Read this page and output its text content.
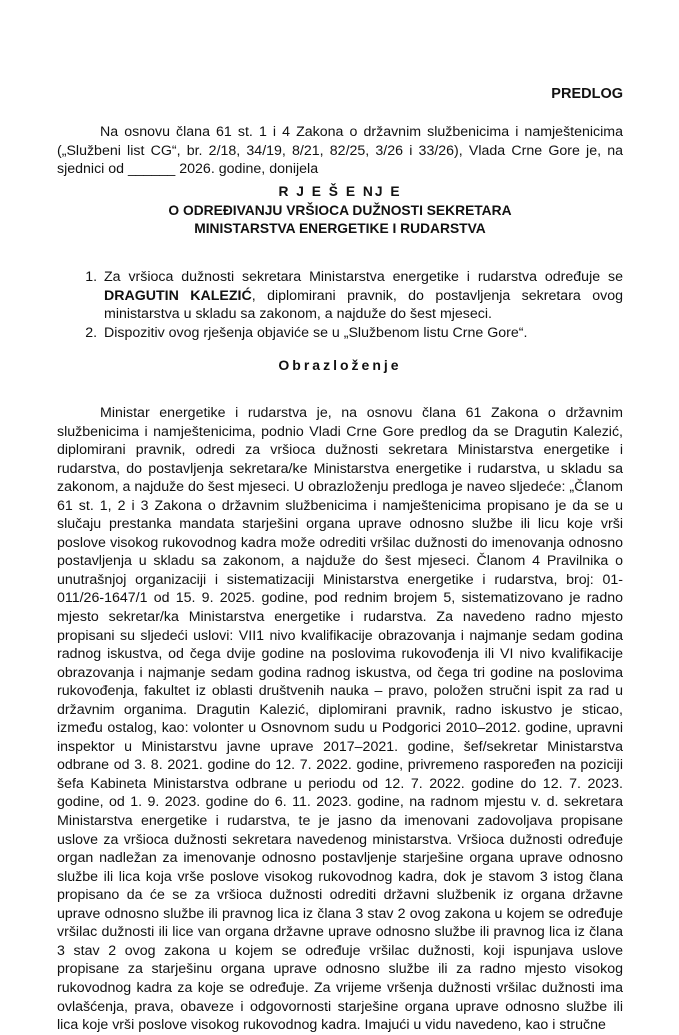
PREDLOG

Na osnovu člana 61 st. 1 i 4 Zakona o državnim službenicima i namještenicima („Službeni list CG“, br. 2/18, 34/19, 8/21, 82/25, 3/26 i 33/26), Vlada Crne Gore je, na sjednici od ______ 2026. godine, donijela

R J E Š E NJ E
O ODREĐIVANJU VRŠIOCA DUŽNOSTI SEKRETARA
MINISTARSTVA ENERGETIKE I RUDARSTVA
1. Za vršioca dužnosti sekretara Ministarstva energetike i rudarstva određuje se DRAGUTIN KALEZIĆ, diplomirani pravnik, do postavljenja sekretara ovog ministarstva u skladu sa zakonom, a najduže do šest mjeseci.
2. Dispozitiv ovog rješenja objaviće se u „Službenom listu Crne Gore“.
Obrazloženje

Ministar energetike i rudarstva je, na osnovu člana 61 Zakona o državnim službenicima i namještenicima, podnio Vladi Crne Gore predlog da se Dragutin Kalezić, diplomirani pravnik, odredi za vršioca dužnosti sekretara Ministarstva energetike i rudarstva, do postavljenja sekretara/ke Ministarstva energetike i rudarstva, u skladu sa zakonom, a najduže do šest mjeseci. U obrazloženju predloga je naveo sljedeće: „Članom 61 st. 1, 2 i 3 Zakona o državnim službenicima i namještenicima propisano je da se u slučaju prestanka mandata starješini organa uprave odnosno službe ili licu koje vrši poslove visokog rukovodnog kadra može odrediti vršilac dužnosti do imenovanja odnosno postavljenja u skladu sa zakonom, a najduže do šest mjeseci. Članom 4 Pravilnika o unutrašnjoj organizaciji i sistematizaciji Ministarstva energetike i rudarstva, broj: 01-011/26-1647/1 od 15. 9. 2025. godine, pod rednim brojem 5, sistematizovano je radno mjesto sekretar/ka Ministarstva energetike i rudarstva. Za navedeno radno mjesto propisani su sljedeći uslovi: VII1 nivo kvalifikacije obrazovanja i najmanje sedam godina radnog iskustva, od čega dvije godine na poslovima rukovođenja ili VI nivo kvalifikacije obrazovanja i najmanje sedam godina radnog iskustva, od čega tri godine na poslovima rukovođenja, fakultet iz oblasti društvenih nauka – pravo, položen stručni ispit za rad u državnim organima. Dragutin Kalezić, diplomirani pravnik, radno iskustvo je sticao, između ostalog, kao: volonter u Osnovnom sudu u Podgorici 2010–2012. godine, upravni inspektor u Ministarstvu javne uprave 2017–2021. godine, šef/sekretar Ministarstva odbrane od 3. 8. 2021. godine do 12. 7. 2022. godine, privremeno raspoređen na poziciji šefa Kabineta Ministarstva odbrane u periodu od 12. 7. 2022. godine do 12. 7. 2023. godine, od 1. 9. 2023. godine do 6. 11. 2023. godine, na radnom mjestu v. d. sekretara Ministarstva energetike i rudarstva, te je jasno da imenovani zadovoljava propisane uslove za vršioca dužnosti sekretara navedenog ministarstva. Vršioca dužnosti određuje organ nadležan za imenovanje odnosno postavljenje starješine organa uprave odnosno službe ili lica koja vrše poslove visokog rukovodnog kadra, dok je stavom 3 istog člana propisano da će se za vršioca dužnosti odrediti državni službenik iz organa državne uprave odnosno službe ili pravnog lica iz člana 3 stav 2 ovog zakona u kojem se određuje vršilac dužnosti ili lice van organa državne uprave odnosno službe ili pravnog lica iz člana 3 stav 2 ovog zakona u kojem se određuje vršilac dužnosti, koji ispunjava uslove propisane za starješinu organa uprave odnosno službe ili za radno mjesto visokog rukovodnog kadra za koje se određuje. Za vrijeme vršenja dužnosti vršilac dužnosti ima ovlašćenja, prava, obaveze i odgovornosti starješine organa uprave odnosno službe ili lica koje vrši poslove visokog rukovodnog kadra. Imajući u vidu navedeno, kao i stručne
